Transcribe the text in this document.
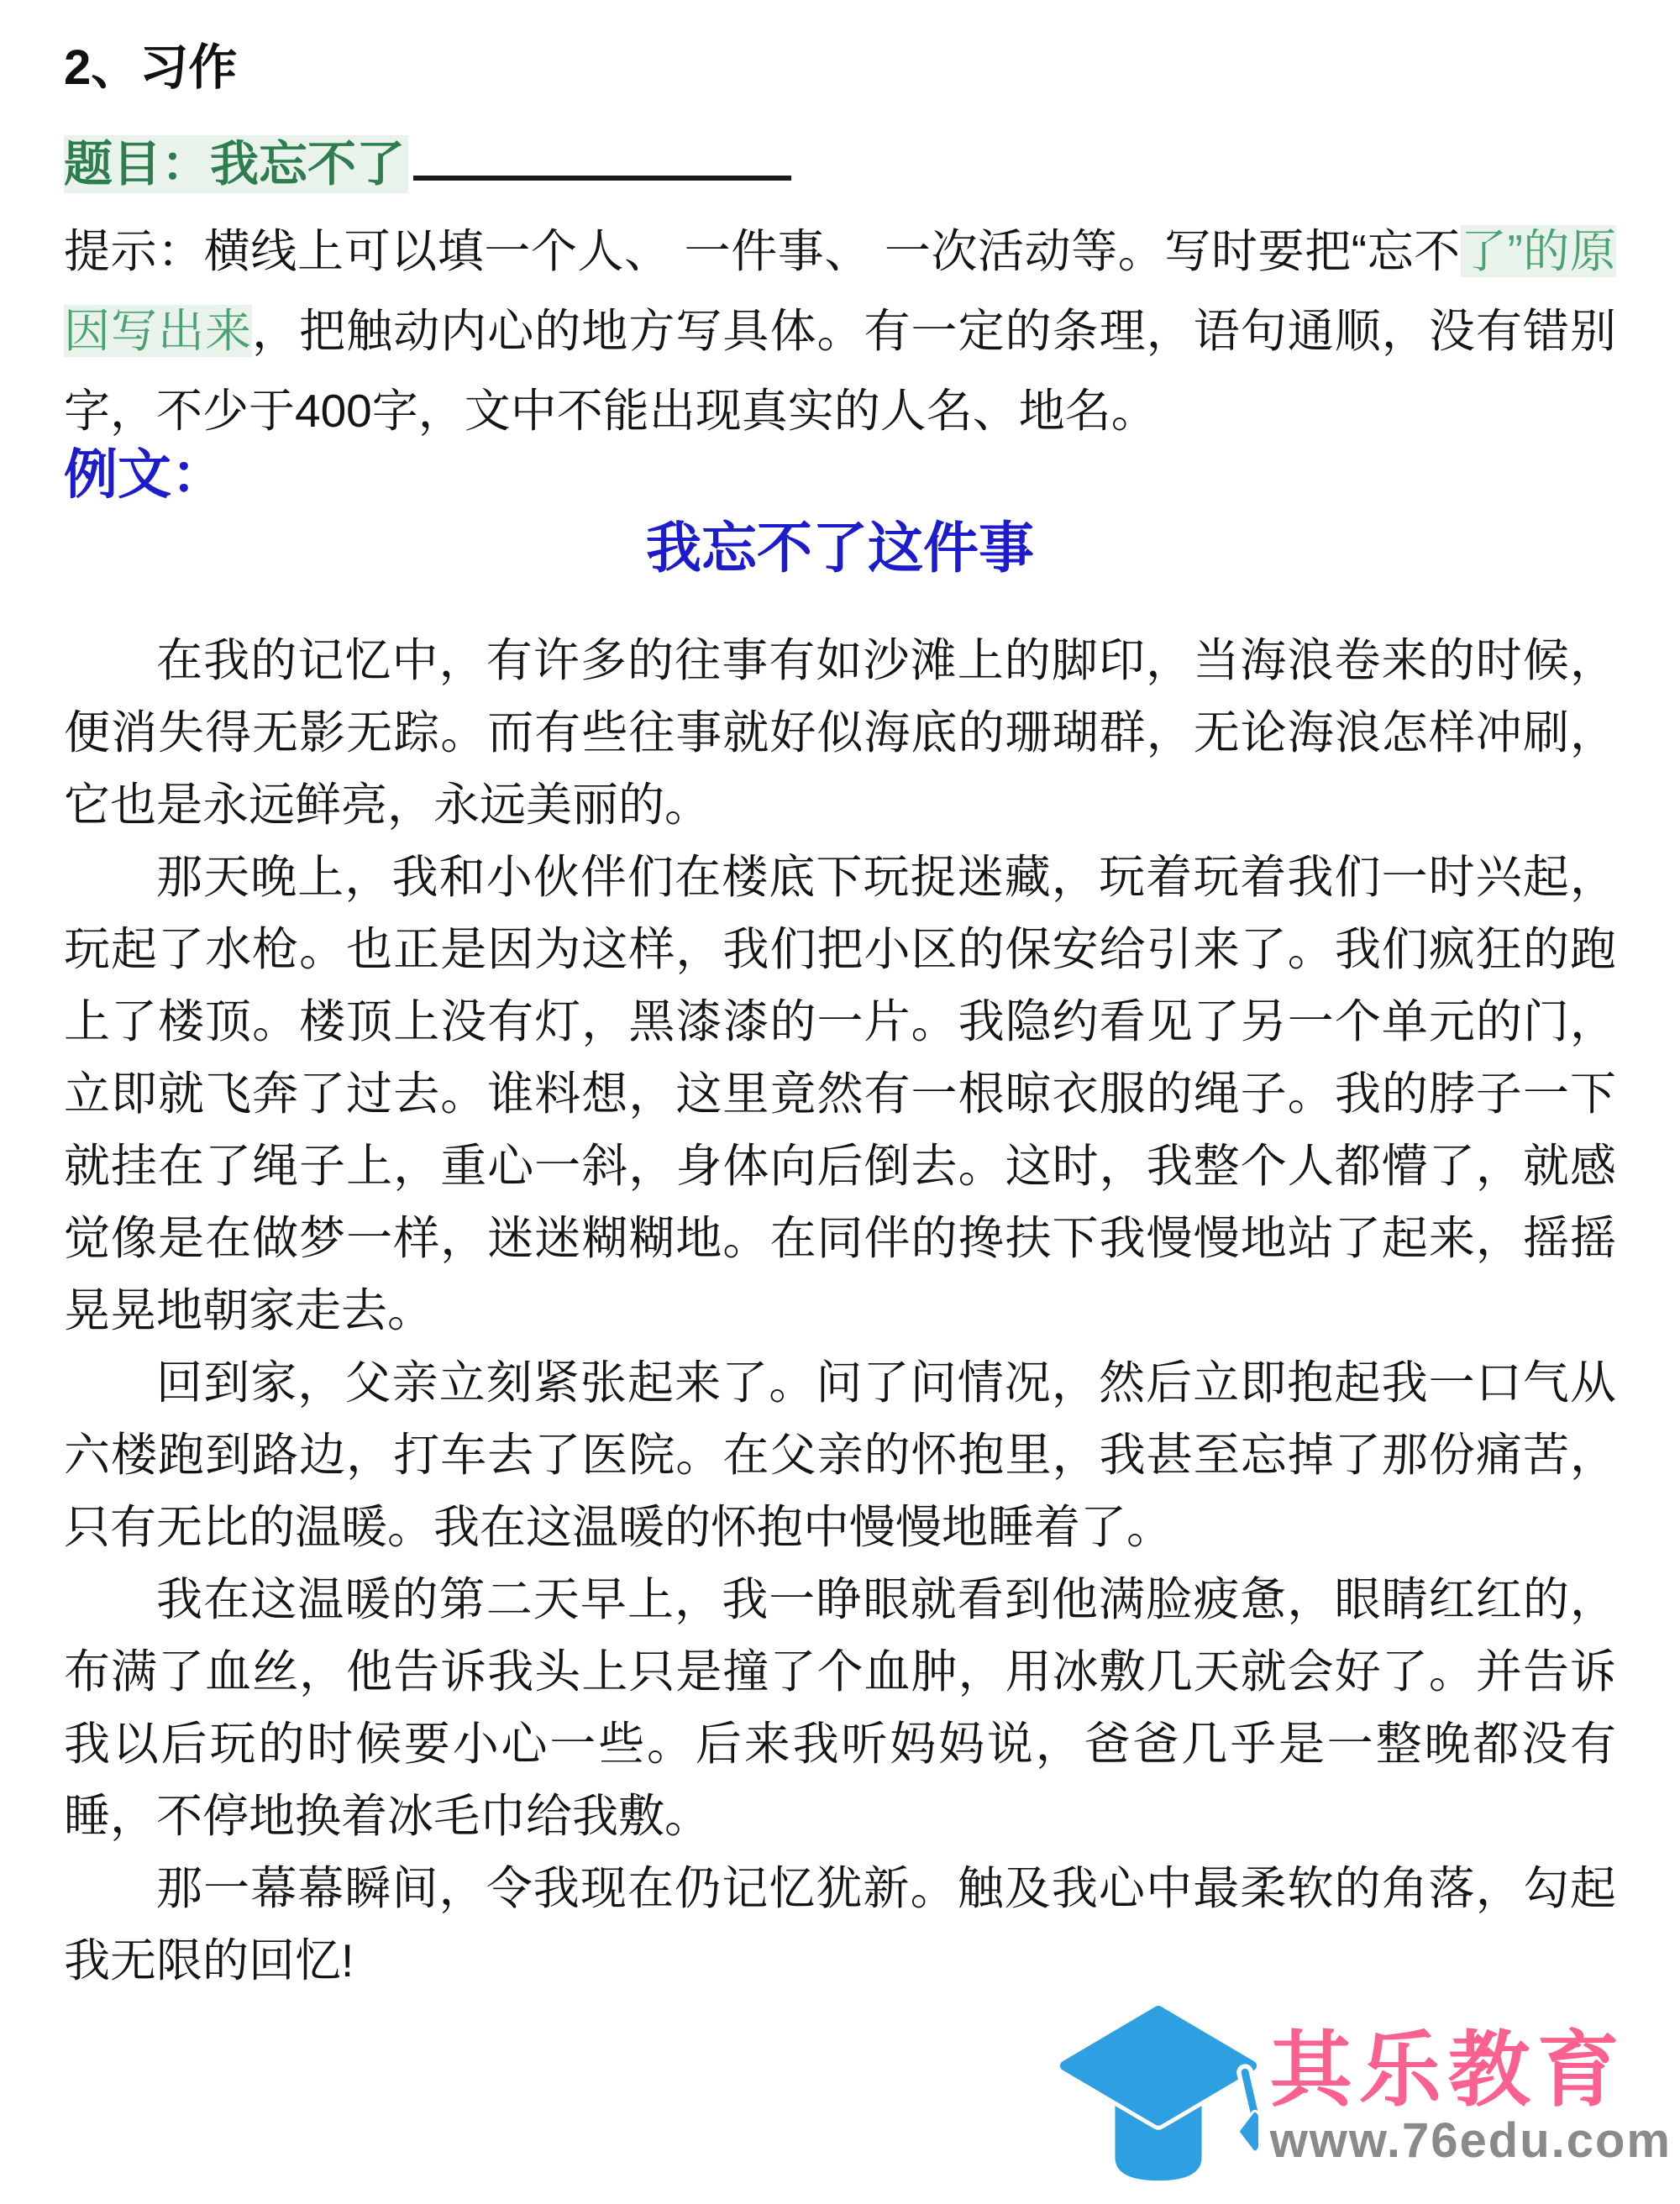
2、习作
题目：我忘不了

提示：横线上可以填一个人、 一件事、 一次活动等。写时要把“忘不了”的原因写出来，把触动内心的地方写具体。有一定的条理，语句通顺，没有错别字，不少于400字，文中不能出现真实的人名、地名。

例文：
我忘不了这件事

在我的记忆中，有许多的往事有如沙滩上的脚印，当海浪卷来的时候，便消失得无影无踪。而有些往事就好似海底的珊瑚群，无论海浪怎样冲刷，它也是永远鲜亮，永远美丽的。

那天晚上，我和小伙伴们在楼底下玩捉迷藏，玩着玩着我们一时兴起，玩起了水枪。也正是因为这样，我们把小区的保安给引来了。我们疯狂的跑上了楼顶。楼顶上没有灯，黑漆漆的一片。我隐约看见了另一个单元的门，立即就飞奔了过去。谁料想，这里竟然有一根晾衣服的绳子。我的脖子一下就挂在了绳子上，重心一斜，身体向后倒去。这时，我整个人都懵了，就感觉像是在做梦一样，迷迷糊糊地。在同伴的搀扶下我慢慢地站了起来，摇摇晃晃地朝家走去。

回到家，父亲立刻紧张起来了。问了问情况，然后立即抱起我一口气从六楼跑到路边，打车去了医院。在父亲的怀抱里，我甚至忘掉了那份痛苦，只有无比的温暖。我在这温暖的怀抱中慢慢地睡着了。

我在这温暖的第二天早上，我一睁眼就看到他满脸疲惫，眼睛红红的，布满了血丝，他告诉我头上只是撞了个血肿，用冰敷几天就会好了。并告诉我以后玩的时候要小心一些。后来我听妈妈说，爸爸几乎是一整晚都没有睡，不停地换着冰毛巾给我敷。

那一幕幕瞬间，令我现在仍记忆犹新。触及我心中最柔软的角落，勾起我无限的回忆!

其乐教育
www.76edu.com
